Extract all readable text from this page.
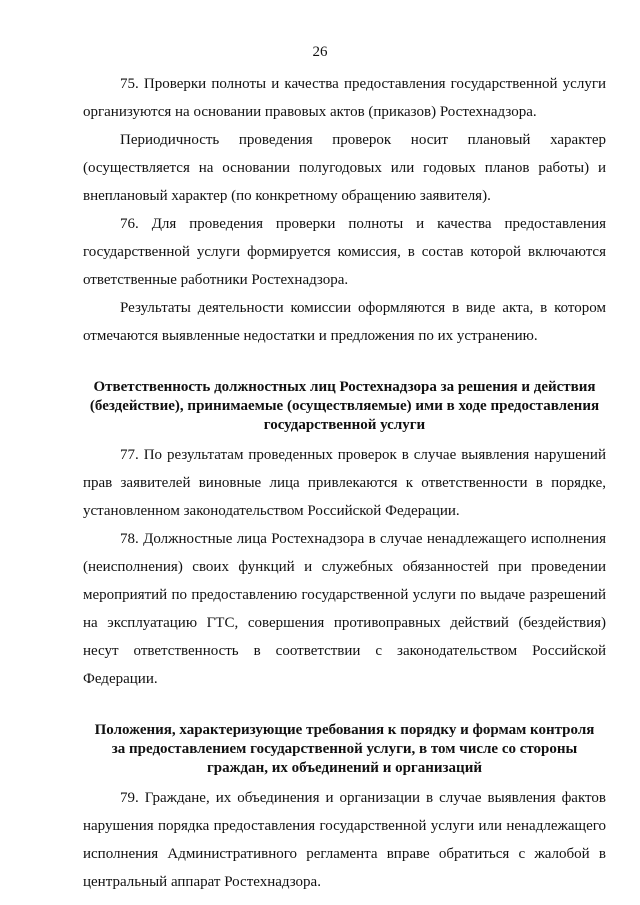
26

75. Проверки полноты и качества предоставления государственной услуги организуются на основании правовых актов (приказов) Ростехнадзора.

Периодичность проведения проверок носит плановый характер (осуществляется на основании полугодовых или годовых планов работы) и внеплановый характер (по конкретному обращению заявителя).

76. Для проведения проверки полноты и качества предоставления государственной услуги формируется комиссия, в состав которой включаются ответственные работники Ростехнадзора.

Результаты деятельности комиссии оформляются в виде акта, в котором отмечаются выявленные недостатки и предложения по их устранению.

Ответственность должностных лиц Ростехнадзора за решения и действия
(бездействие), принимаемые (осуществляемые) ими в ходе предоставления
государственной услуги

77. По результатам проведенных проверок в случае выявления нарушений прав заявителей виновные лица привлекаются к ответственности в порядке, установленном законодательством Российской Федерации.

78. Должностные лица Ростехнадзора в случае ненадлежащего исполнения (неисполнения) своих функций и служебных обязанностей при проведении мероприятий по предоставлению государственной услуги по выдаче разрешений на эксплуатацию ГТС, совершения противоправных действий (бездействия) несут ответственность в соответствии с законодательством Российской Федерации.

Положения, характеризующие требования к порядку и формам контроля
за предоставлением государственной услуги, в том числе со стороны
граждан, их объединений и организаций

79. Граждане, их объединения и организации в случае выявления фактов нарушения порядка предоставления государственной услуги или ненадлежащего исполнения Административного регламента вправе обратиться с жалобой в центральный аппарат Ростехнадзора.
